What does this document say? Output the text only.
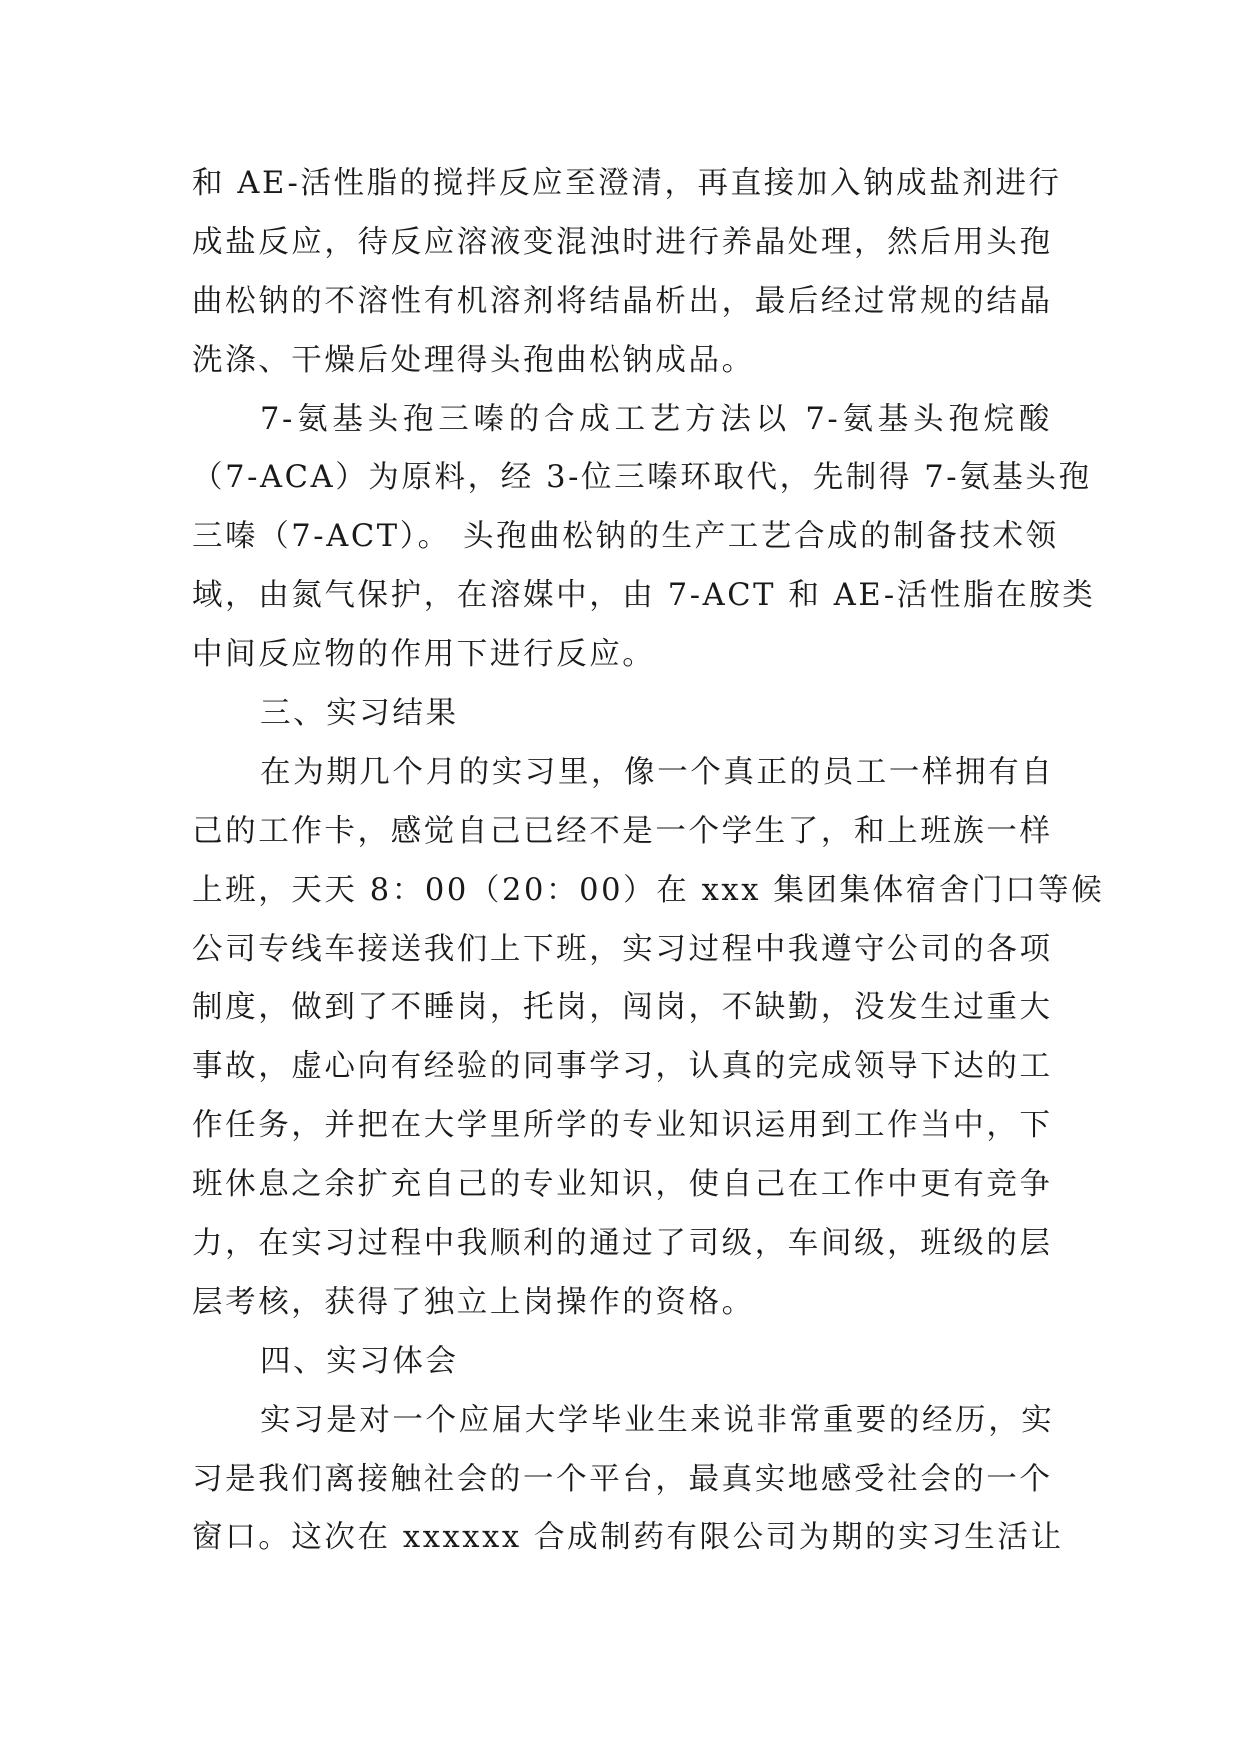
和 AE-活性脂的搅拌反应至澄清，再直接加入钠成盐剂进行
成盐反应，待反应溶液变混浊时进行养晶处理，然后用头孢
曲松钠的不溶性有机溶剂将结晶析出，最后经过常规的结晶
洗涤、干燥后处理得头孢曲松钠成品。
7-氨基头孢三嗪的合成工艺方法以 7-氨基头孢烷酸
（7-ACA）为原料，经 3-位三嗪环取代，先制得 7-氨基头孢
三嗪（7-ACT）。 头孢曲松钠的生产工艺合成的制备技术领
域，由氮气保护，在溶媒中，由 7-ACT 和 AE-活性脂在胺类
中间反应物的作用下进行反应。
三、实习结果
在为期几个月的实习里，像一个真正的员工一样拥有自
己的工作卡，感觉自己已经不是一个学生了，和上班族一样
上班，天天 8：00（20：00）在 xxx 集团集体宿舍门口等候
公司专线车接送我们上下班，实习过程中我遵守公司的各项
制度，做到了不睡岗，托岗，闯岗，不缺勤，没发生过重大
事故，虚心向有经验的同事学习，认真的完成领导下达的工
作任务，并把在大学里所学的专业知识运用到工作当中，下
班休息之余扩充自己的专业知识，使自己在工作中更有竞争
力，在实习过程中我顺利的通过了司级，车间级，班级的层
层考核，获得了独立上岗操作的资格。
四、实习体会
实习是对一个应届大学毕业生来说非常重要的经历，实
习是我们离接触社会的一个平台，最真实地感受社会的一个
窗口。这次在 xxxxxx 合成制药有限公司为期的实习生活让
